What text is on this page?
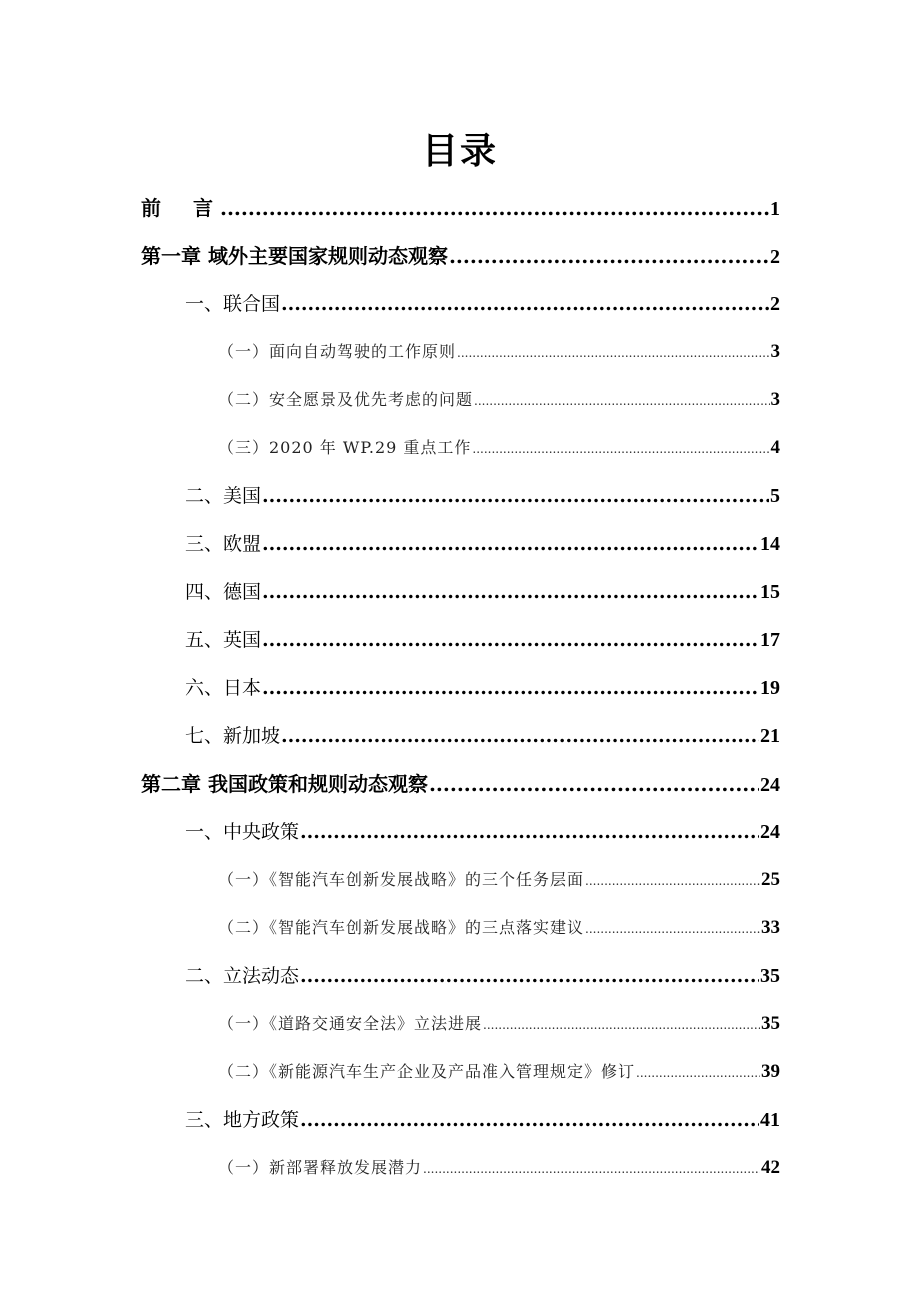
目录
前　言 .....	1
第一章 域外主要国家规则动态观察 .....	2
一、联合国 .....	2
（一）面向自动驾驶的工作原则 .....	3
（二）安全愿景及优先考虑的问题 .....	3
（三）2020 年 WP.29 重点工作 .....	4
二、美国 .....	5
三、欧盟 .....	14
四、德国 .....	15
五、英国 .....	17
六、日本 .....	19
七、新加坡 .....	21
第二章 我国政策和规则动态观察 .....	24
一、中央政策 .....	24
（一）《智能汽车创新发展战略》的三个任务层面 .....	25
（二）《智能汽车创新发展战略》的三点落实建议 .....	33
二、立法动态 .....	35
（一）《道路交通安全法》立法进展 .....	35
（二）《新能源汽车生产企业及产品准入管理规定》修订 .....	39
三、地方政策 .....	41
（一）新部署释放发展潜力 .....	42
